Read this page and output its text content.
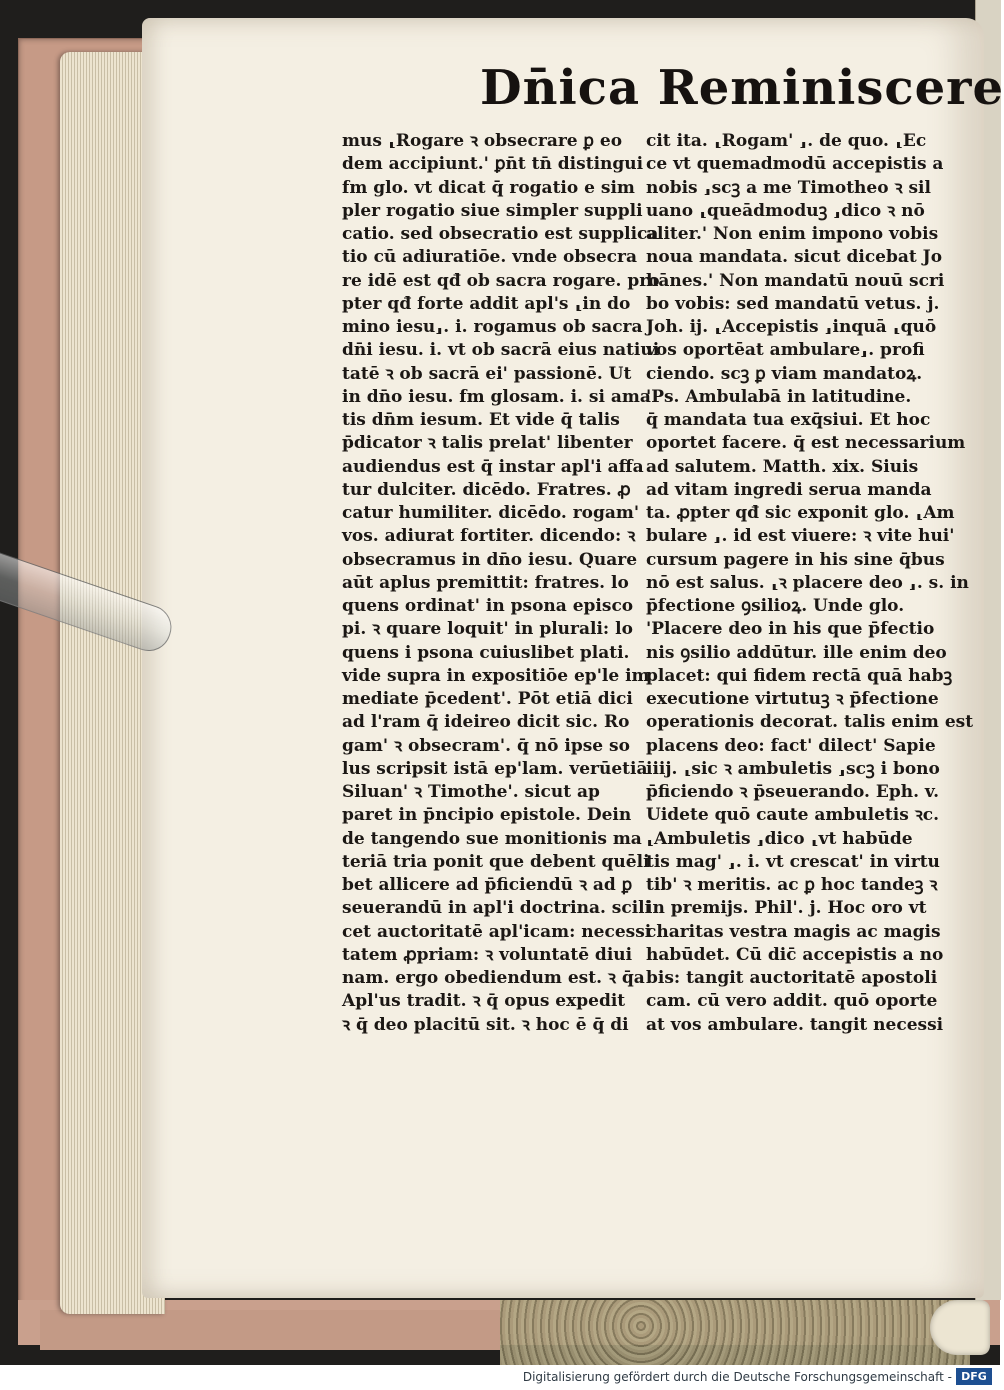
Dn̄ica Reminiscere
mus ⸤Rogare ꝛ obsecrare ꝑ eo
dem accipiunt.' ꝑn̄t tn̄ distingui
fm glo. vt dicat q̄ rogatio e sim
pler rogatio siue simpler suppli
catio. sed obsecratio est supplica
tio cū adiuratiōe. vnde obsecra
re idē est qđ ob sacra rogare. pro
pter qđ forte addit apl's ⸤in do
mino iesu⸥. i. rogamus ob sacra
dn̄i iesu. i. vt ob sacrā eius natiui
tatē ꝛ ob sacrā ei' passionē. Ut
in dn̄o iesu. fm glosam. i. si ama
tis dn̄m iesum. Et vide q̄ talis
p̄dicator ꝛ talis prelat' libenter
audiendus est q̄ instar apl'i affa
tur dulciter. dicēdo. Fratres. ꝓ
catur humiliter. dicēdo. rogam'
vos. adiurat fortiter. dicendo: ꝛ
obsecramus in dn̄o iesu. Quare
aūt aplus premittit: fratres. lo
quens ordinat' in psona episco
pi. ꝛ quare loquit' in plurali: lo
quens i psona cuiuslibet plati.
vide supra in expositiōe ep'le im
mediate p̄cedent'. Pōt etiā dici
ad l'ram q̄ ideireo dicit sic. Ro
gam' ꝛ obsecram'. q̄ nō ipse so
lus scripsit istā ep'lam. verūetiā
Siluan' ꝛ Timothe'. sicut ap
paret in p̄ncipio epistole. Dein
de tangendo sue monitionis ma
teriā tria ponit que debent quēli
bet allicere ad p̄ficiendū ꝛ ad ꝑ
seuerandū in apl'i doctrina. scili
cet auctoritatē apl'icam: necessi
tatem ꝓpriam: ꝛ voluntatē diui
nam. ergo obediendum est. ꝛ q̄a
Apl'us tradit. ꝛ q̄ opus expedit
ꝛ q̄ deo placitū sit. ꝛ hoc ē q̄ di
cit ita. ⸤Rogam' ⸥. de quo. ⸤Ec
ce vt quemadmodū accepistis a
nobis ⸥scꝫ a me Timotheo ꝛ sil
uano ⸤queādmoduꝫ ⸥dico ꝛ nō
aliter.' Non enim impono vobis
noua mandata. sicut dicebat Jo
hānes.' Non mandatū nouū scri
bo vobis: sed mandatū vetus. j.
Joh. ij. ⸤Accepistis ⸥inquā ⸤quō
vos oportēat ambulare⸥. profi
ciendo. scꝫ ꝑ viam mandatoꝝ.
'Ps. Ambulabā in latitudine.
q̄ mandata tua exq̄siui. Et hoc
oportet facere. q̄ est necessarium
ad salutem. Matth. xix. Siuis
ad vitam ingredi serua manda
ta. ꝓpter qđ sic exponit glo. ⸤Am
bulare ⸥. id est viuere: ꝛ vite hui'
cursum pagere in his sine q̄bus
nō est salus. ⸤ꝛ placere deo ⸥. s. in
p̄fectione ꝯsilioꝝ. Unde glo.
'Placere deo in his que p̄fectio
nis ꝯsilio addūtur. ille enim deo
placet: qui fidem rectā quā habꝫ
executione virtutuꝫ ꝛ p̄fectione
operationis decorat. talis enim est
placens deo: fact' dilect' Sapie
iiij. ⸤sic ꝛ ambuletis ⸥scꝫ i bono
p̄ficiendo ꝛ p̄seuerando. Eph. v.
Uidete quō caute ambuletis ꝛc.
⸤Ambuletis ⸥dico ⸤vt habūde
tis mag' ⸥. i. vt crescat' in virtu
tib' ꝛ meritis. ac ꝑ hoc tandeꝫ ꝛ
in premijs. Phil'. j. Hoc oro vt
charitas vestra magis ac magis
habūdet. Cū dic̄ accepistis a no
bis: tangit auctoritatē apostoli
cam. cū vero addit. quō oporte
at vos ambulare. tangit necessi
Digitalisierung gefördert durch die Deutsche Forschungsgemeinschaft - DFG
